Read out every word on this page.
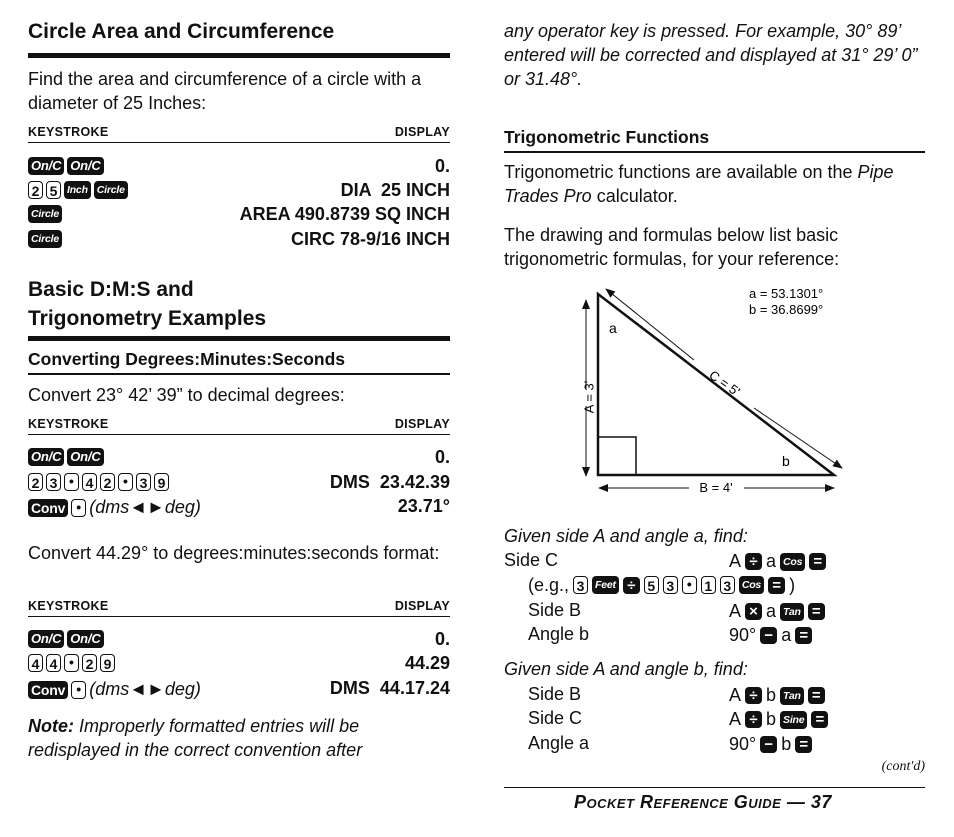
Circle Area and Circumference
Find the area and circumference of a circle with a diameter of 25 Inches:
KEYSTROKE	DISPLAY
On/C On/C	0.
2 5 Inch Circle	DIA  25 INCH
Circle	AREA 490.8739 SQ INCH
Circle	CIRC 78-9/16 INCH
Basic D:M:S and
Trigonometry Examples
Converting Degrees:Minutes:Seconds
Convert 23° 42’ 39” to decimal degrees:
KEYSTROKE	DISPLAY
On/C On/C	0.
2 3 • 4 2 • 3 9	DMS  23.42.39
Conv • (dms◄►deg)	23.71°
Convert 44.29° to degrees:minutes:seconds format:
KEYSTROKE	DISPLAY
On/C On/C	0.
4 4 • 2 9	44.29
Conv • (dms◄►deg)	DMS  44.17.24
Note: Improperly formatted entries will be redisplayed in the correct convention after
any operator key is pressed. For example, 30° 89’ entered will be corrected and displayed at 31° 29’ 0” or 31.48°.
Trigonometric Functions
Trigonometric functions are available on the Pipe Trades Pro calculator.
The drawing and formulas below list basic trigonometric formulas, for your reference:
A = 3'
B = 4'
C = 5'
a
b
a = 53.1301°
b = 36.8699°
Given side A and angle a, find:
Side C	A ÷ a Cos =
(e.g., 3	Feet ÷ 5 3 • 1 3	Cos = )
Side B	A × a Tan =
Angle b	90° − a =
Given side A and angle b, find:
Side B	A ÷ b Tan =
Side C	A ÷ b Sine =
Angle a	90° − b =
(cont'd)
Pocket Reference Guide — 37
